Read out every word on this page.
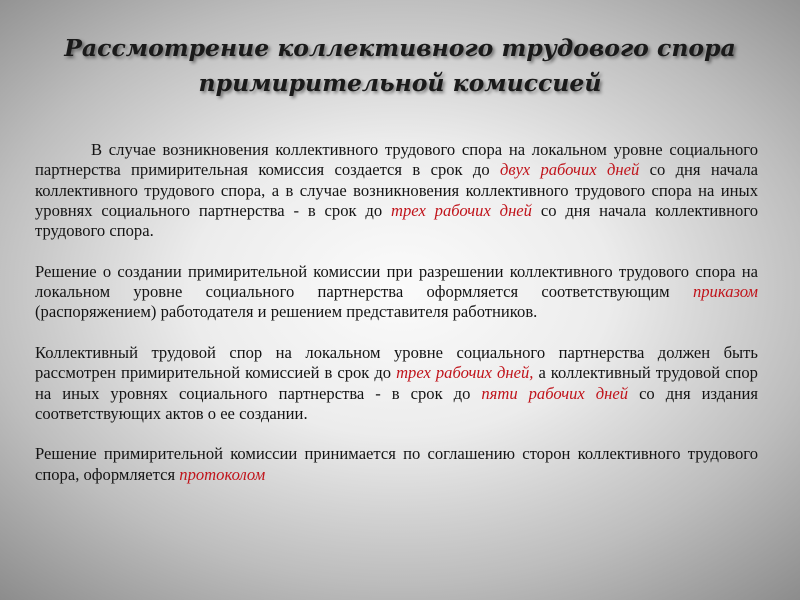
Рассмотрение коллективного трудового спора примирительной комиссией

В случае возникновения коллективного трудового спора на локальном уровне социального партнерства примирительная комиссия создается в срок до двух рабочих дней со дня начала коллективного трудового спора, а в случае возникновения коллективного трудового спора на иных уровнях социального партнерства - в срок до трех рабочих дней со дня начала коллективного трудового спора.

Решение о создании примирительной комиссии при разрешении коллективного трудового спора на локальном уровне социального партнерства оформляется соответствующим приказом (распоряжением) работодателя и решением представителя работников.

Коллективный трудовой спор на локальном уровне социального партнерства должен быть рассмотрен примирительной комиссией в срок до трех рабочих дней, а коллективный трудовой спор на иных уровнях социального партнерства - в срок до пяти рабочих дней со дня издания соответствующих актов о ее создании.

Решение примирительной комиссии принимается по соглашению сторон коллективного трудового спора, оформляется протоколом
